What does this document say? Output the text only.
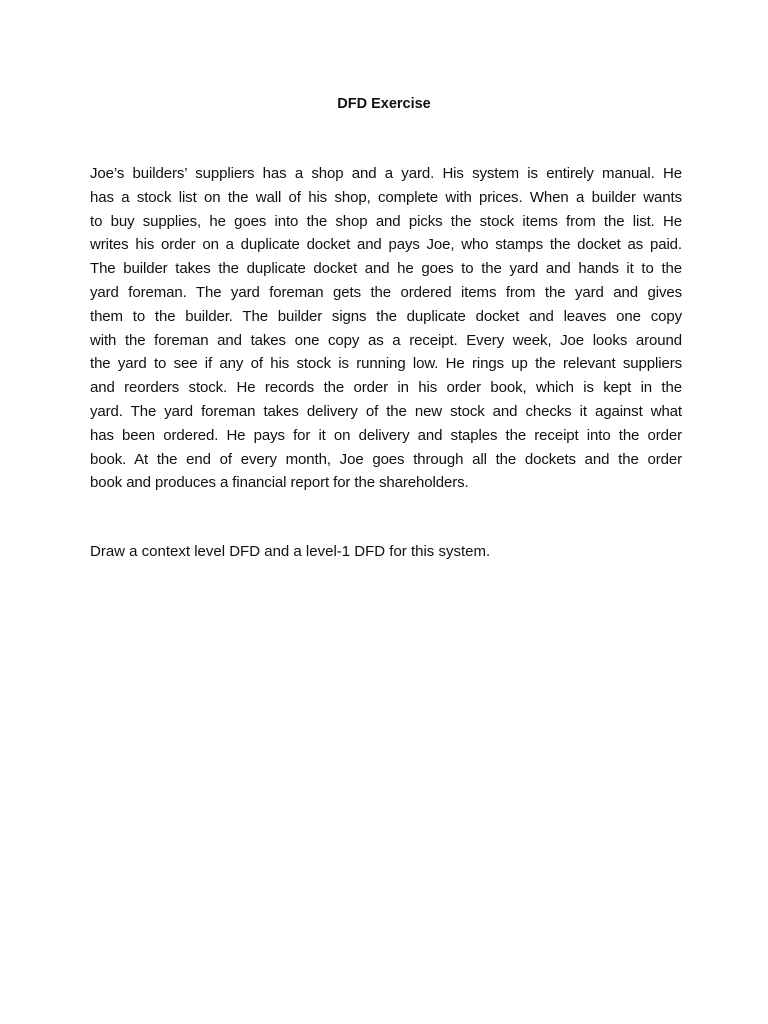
DFD Exercise
Joe’s builders’ suppliers has a shop and a yard. His system is entirely manual. He
has a stock list on the wall of his shop, complete with prices. When a builder wants
to buy supplies, he goes into the shop and picks the stock items from the list. He
writes his order on a duplicate docket and pays Joe, who stamps the docket as paid.
The builder takes the duplicate docket and he goes to the yard and hands it to the
yard foreman. The yard foreman gets the ordered items from the yard and gives
them to the builder. The builder signs the duplicate docket and leaves one copy
with the foreman and takes one copy as a receipt. Every week, Joe looks around
the yard to see if any of his stock is running low. He rings up the relevant suppliers
and reorders stock. He records the order in his order book, which is kept in the
yard. The yard foreman takes delivery of the new stock and checks it against what
has been ordered. He pays for it on delivery and staples the receipt into the order
book. At the end of every month, Joe goes through all the dockets and the order
book and produces a financial report for the shareholders.
Draw a context level DFD and a level-1 DFD for this system.
